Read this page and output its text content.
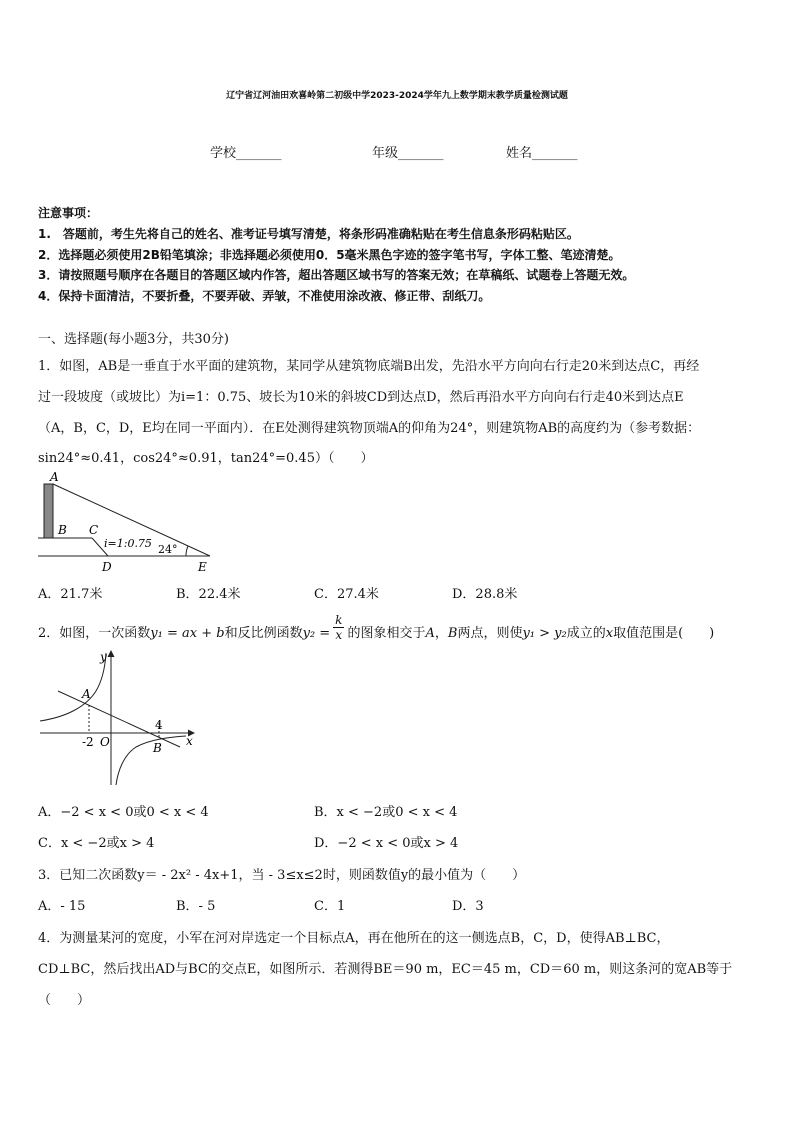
辽宁省辽河油田欢喜岭第二初级中学2023-2024学年九上数学期末教学质量检测试题
学校_______	年级_______	姓名_______
注意事项：
1.　答题前，考生先将自己的姓名、准考证号填写清楚，将条形码准确粘贴在考生信息条形码粘贴区。
2．选择题必须使用2B铅笔填涂；非选择题必须使用0．5毫米黑色字迹的签字笔书写，字体工整、笔迹清楚。
3．请按照题号顺序在各题目的答题区域内作答，超出答题区域书写的答案无效；在草稿纸、试题卷上答题无效。
4．保持卡面清洁，不要折叠，不要弄破、弄皱，不准使用涂改液、修正带、刮纸刀。
一、选择题(每小题3分，共30分)
1．如图，AB是一垂直于水平面的建筑物，某同学从建筑物底端B出发，先沿水平方向向右行走20米到达点C，再经
过一段坡度（或坡比）为i=1：0.75、坡长为10米的斜坡CD到达点D，然后再沿水平方向向右行走40米到达点E
（A，B，C，D，E均在同一平面内）．在E处测得建筑物顶端A的仰角为24°，则建筑物AB的高度约为（参考数据：
sin24°≈0.41，cos24°≈0.91，tan24°=0.45）（　　）
A
B C
D	E
i=1:0.75 24°
A．21.7米	B．22.4米	C．27.4米	D．28.8米
2．如图，一次函数y₁ = ax + b和反比例函数$y_2 = \frac{k}{x}$ 的图象相交于A，B两点，则使y₁ > y₂成立的x取值范围是(　　)
y
x
A
B
O
-2
4
A．−2 < x < 0或0 < x < 4	B．x < −2或0 < x < 4
C．x < −2或x > 4	D．−2 < x < 0或x > 4
3．已知二次函数y＝ - 2x² - 4x+1，当 - 3≤x≤2时，则函数值y的最小值为（　　）
A．- 15	B．- 5	C．1	D．3
4．为测量某河的宽度，小军在河对岸选定一个目标点A，再在他所在的这一侧选点B，C，D，使得AB⊥BC，
CD⊥BC，然后找出AD与BC的交点E，如图所示．若测得BE＝90 m，EC＝45 m，CD＝60 m，则这条河的宽AB等于
（　　）
